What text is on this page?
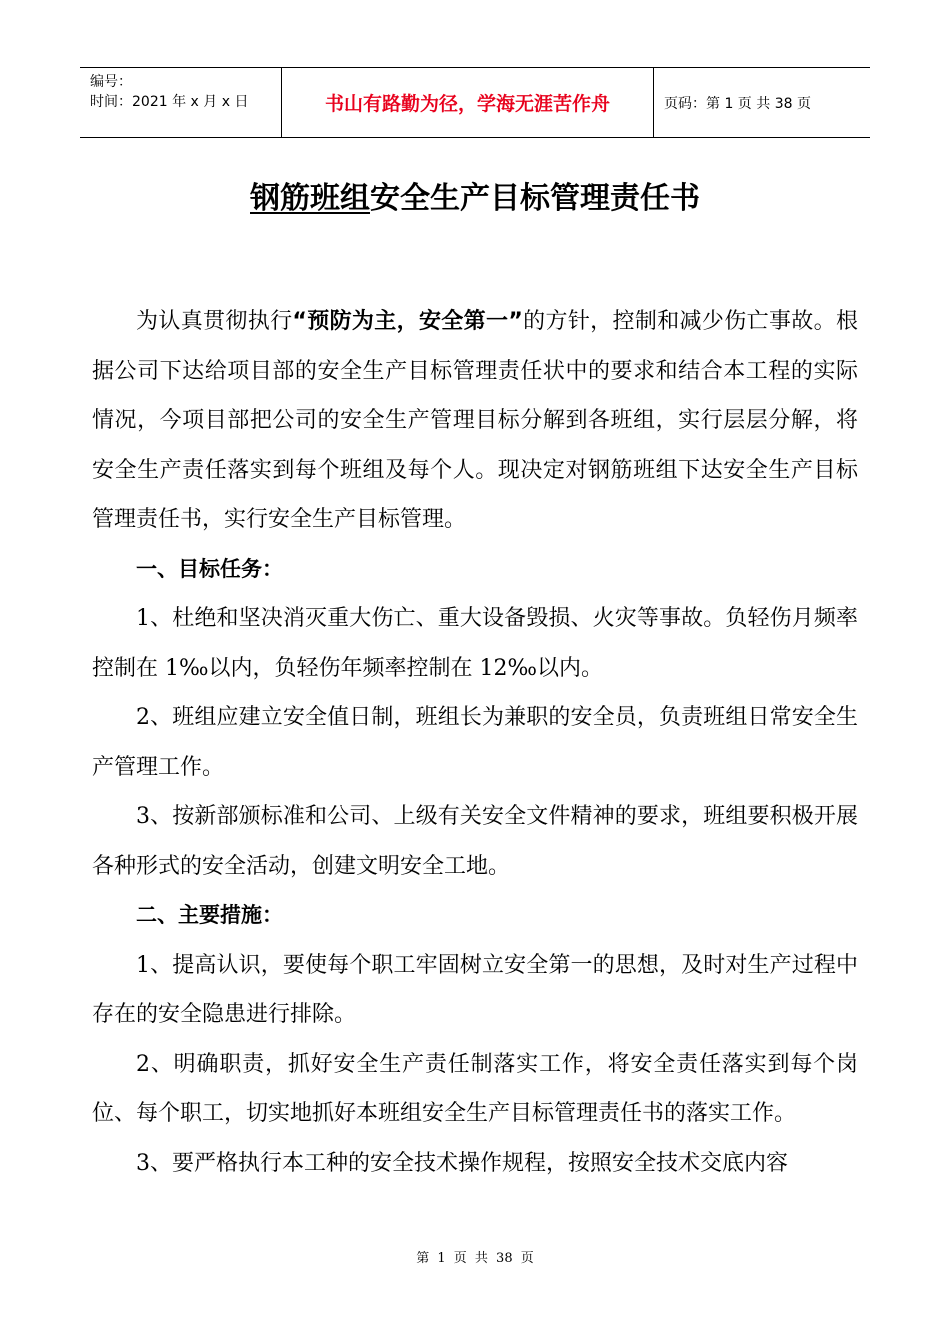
编号：
时间：2021 年 x 月 x 日	书山有路勤为径，学海无涯苦作舟	页码：第 1 页 共 38 页
钢筋班组安全生产目标管理责任书

为认真贯彻执行“预防为主，安全第一”的方针，控制和减少伤亡事故。根据公司下达给项目部的安全生产目标管理责任状中的要求和结合本工程的实际情况，今项目部把公司的安全生产管理目标分解到各班组，实行层层分解，将安全生产责任落实到每个班组及每个人。现决定对钢筋班组下达安全生产目标管理责任书，实行安全生产目标管理。

一、目标任务：

1、杜绝和坚决消灭重大伤亡、重大设备毁损、火灾等事故。负轻伤月频率控制在 1‰以内，负轻伤年频率控制在 12‰以内。

2、班组应建立安全值日制，班组长为兼职的安全员，负责班组日常安全生产管理工作。

3、按新部颁标准和公司、上级有关安全文件精神的要求，班组要积极开展各种形式的安全活动，创建文明安全工地。

二、主要措施：

1、提高认识，要使每个职工牢固树立安全第一的思想，及时对生产过程中存在的安全隐患进行排除。

2、明确职责，抓好安全生产责任制落实工作，将安全责任落实到每个岗位、每个职工，切实地抓好本班组安全生产目标管理责任书的落实工作。

3、要严格执行本工种的安全技术操作规程，按照安全技术交底内容

第 1 页 共 38 页
